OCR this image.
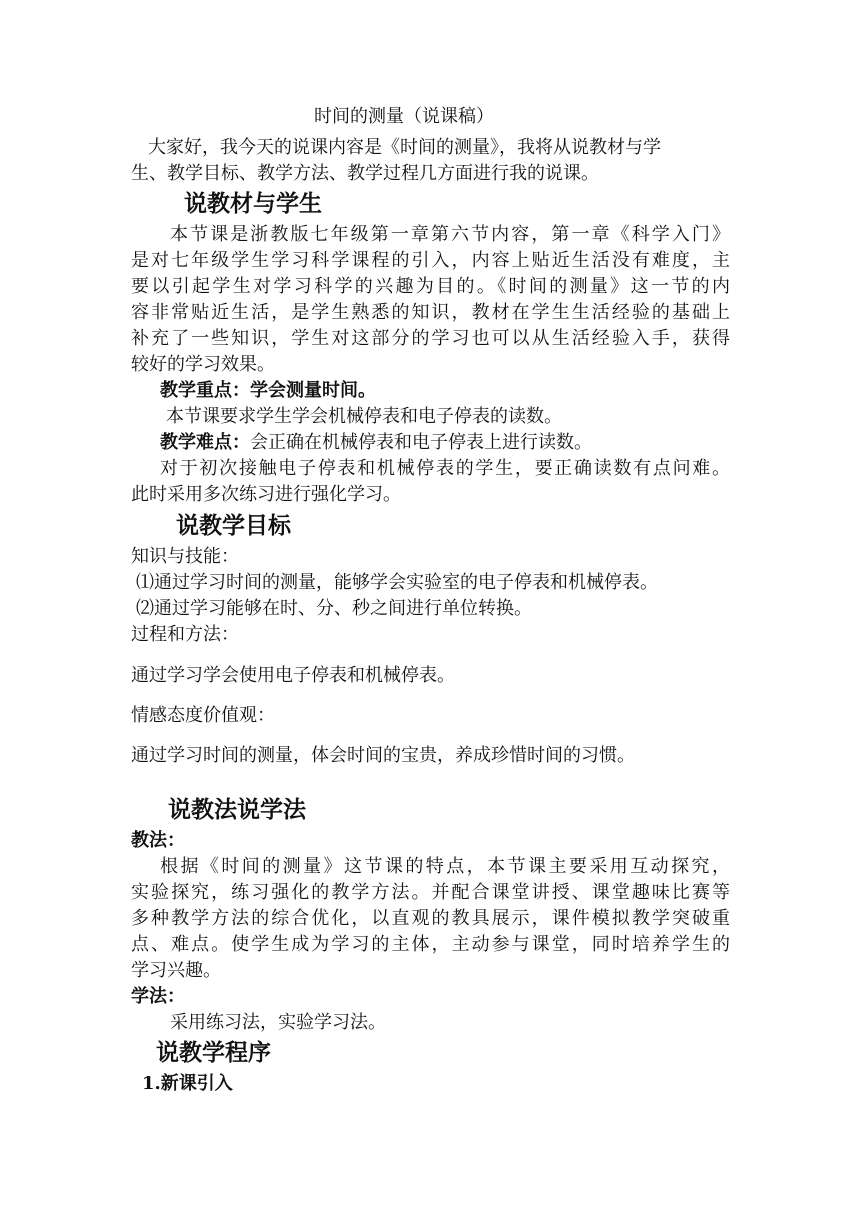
时间的测量（说课稿）
大家好，我今天的说课内容是《时间的测量》，我将从说教材与学
生、教学目标、教学方法、教学过程几方面进行我的说课。
说教材与学生
本节课是浙教版七年级第一章第六节内容，第一章《科学入门》
是对七年级学生学习科学课程的引入，内容上贴近生活没有难度，主
要以引起学生对学习科学的兴趣为目的。《时间的测量》这一节的内
容非常贴近生活，是学生熟悉的知识，教材在学生生活经验的基础上
补充了一些知识，学生对这部分的学习也可以从生活经验入手，获得
较好的学习效果。
教学重点：学会测量时间。
本节课要求学生学会机械停表和电子停表的读数。
教学难点：会正确在机械停表和电子停表上进行读数。
对于初次接触电子停表和机械停表的学生，要正确读数有点问难。
此时采用多次练习进行强化学习。
说教学目标
知识与技能：
⑴通过学习时间的测量，能够学会实验室的电子停表和机械停表。
⑵通过学习能够在时、分、秒之间进行单位转换。
过程和方法：
通过学习学会使用电子停表和机械停表。
情感态度价值观：
通过学习时间的测量，体会时间的宝贵，养成珍惜时间的习惯。
说教法说学法
教法：
根据《时间的测量》这节课的特点，本节课主要采用互动探究，
实验探究，练习强化的教学方法。并配合课堂讲授、课堂趣味比赛等
多种教学方法的综合优化，以直观的教具展示，课件模拟教学突破重
点、难点。使学生成为学习的主体，主动参与课堂，同时培养学生的
学习兴趣。
学法：
采用练习法，实验学习法。
说教学程序
1.新课引入
